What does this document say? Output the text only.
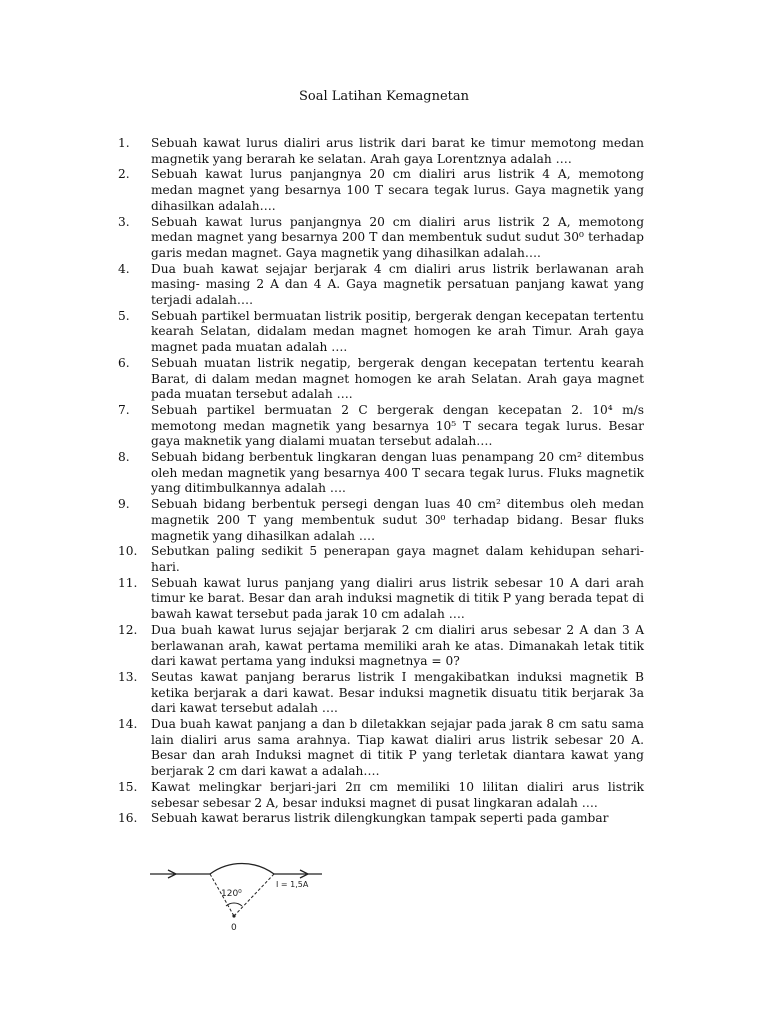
Soal Latihan Kemagnetan
1.	Sebuah kawat lurus dialiri arus listrik dari barat ke timur memotong medan magnetik yang berarah ke selatan. Arah gaya Lorentznya adalah ….
2.	Sebuah kawat lurus panjangnya 20 cm dialiri arus listrik 4 A, memotong medan magnet yang besarnya 100 T secara tegak lurus. Gaya magnetik yang dihasilkan adalah….
3.	Sebuah kawat lurus panjangnya 20 cm dialiri arus listrik 2 A, memotong medan magnet yang besarnya 200 T dan membentuk sudut sudut 30⁰ terhadap garis medan magnet. Gaya magnetik yang dihasilkan adalah….
4.	Dua buah kawat sejajar berjarak 4 cm dialiri arus listrik berlawanan arah masing- masing 2 A dan 4 A. Gaya magnetik persatuan panjang kawat yang terjadi adalah….
5.	Sebuah partikel bermuatan listrik positip, bergerak dengan kecepatan tertentu kearah Selatan, didalam medan magnet homogen ke arah Timur. Arah gaya magnet pada muatan adalah ….
6.	Sebuah muatan listrik negatip, bergerak dengan kecepatan tertentu kearah Barat, di dalam medan magnet homogen ke arah Selatan. Arah gaya magnet pada muatan tersebut adalah ….
7.	Sebuah partikel bermuatan 2 C bergerak dengan kecepatan 2. 10⁴ m/s memotong medan magnetik yang besarnya 10⁵ T secara tegak lurus. Besar gaya maknetik yang dialami muatan tersebut adalah….
8.	Sebuah bidang berbentuk lingkaran dengan luas penampang 20 cm² ditembus oleh medan magnetik yang besarnya 400 T secara tegak lurus. Fluks magnetik yang ditimbulkannya adalah ….
9.	Sebuah bidang berbentuk persegi dengan luas 40 cm² ditembus oleh medan magnetik 200 T yang membentuk sudut 30⁰ terhadap bidang. Besar fluks magnetik yang dihasilkan adalah ….
10.	Sebutkan paling sedikit 5 penerapan gaya magnet dalam kehidupan sehari-hari.
11.	Sebuah kawat lurus panjang yang dialiri arus listrik sebesar 10 A dari arah timur ke barat. Besar dan arah induksi magnetik di titik P yang berada tepat di bawah kawat tersebut pada jarak 10 cm adalah ….
12.	Dua buah kawat lurus sejajar berjarak 2 cm dialiri arus sebesar 2 A dan 3 A berlawanan arah, kawat pertama memiliki arah ke atas. Dimanakah letak titik dari kawat pertama yang induksi magnetnya = 0?
13.	Seutas kawat panjang berarus listrik I mengakibatkan induksi magnetik B ketika berjarak a dari kawat. Besar induksi magnetik disuatu titik berjarak 3a dari kawat tersebut adalah ….
14.	Dua buah kawat panjang a dan b diletakkan sejajar pada jarak 8 cm satu sama lain dialiri arus sama arahnya. Tiap kawat dialiri arus listrik sebesar 20 A. Besar dan arah Induksi magnet di titik P yang terletak diantara kawat yang berjarak 2 cm dari kawat a adalah….
15.	Kawat melingkar berjari-jari 2π cm memiliki 10 lilitan dialiri arus listrik sebesar sebesar 2 A, besar induksi magnet di pusat lingkaran adalah ….
16.	Sebuah kawat berarus listrik dilengkungkan tampak seperti pada gambar
120⁰
I = 1,5A
0
